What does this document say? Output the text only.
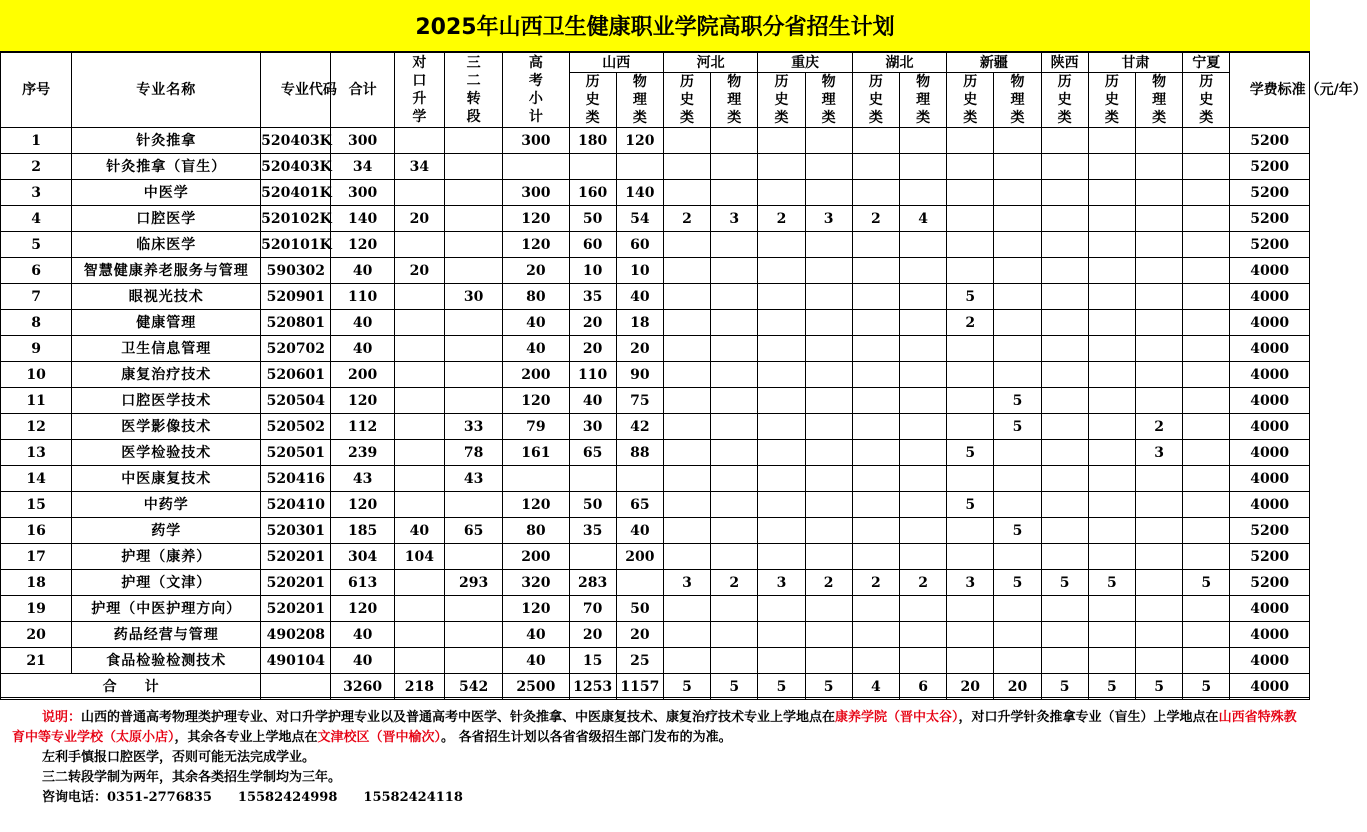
2025年山西卫生健康职业学院高职分省招生计划
序号	专业名称	专业代码	合计	对口升学	三二转段	高考小计	山西		河北		重庆		湖北		新疆		陕西	甘肃		宁夏	学费标准（元/年）
							历史类	物理类	历史类	物理类	历史类	物理类	历史类	物理类	历史类	物理类	历史类	历史类	物理类	历史类	
1	针灸推拿	520403K	300			300	180	120													5200
2	针灸推拿（盲生）	520403K	34	34																	5200
3	中医学	520401K	300			300	160	140													5200
4	口腔医学	520102K	140	20		120	50	54	2	3	2	3	2	4							5200
5	临床医学	520101K	120			120	60	60													5200
6	智慧健康养老服务与管理	590302	40	20		20	10	10													4000
7	眼视光技术	520901	110		30	80	35	40							5						4000
8	健康管理	520801	40			40	20	18							2						4000
9	卫生信息管理	520702	40			40	20	20													4000
10	康复治疗技术	520601	200			200	110	90													4000
11	口腔医学技术	520504	120			120	40	75								5					4000
12	医学影像技术	520502	112		33	79	30	42								5			2		4000
13	医学检验技术	520501	239		78	161	65	88							5				3		4000
14	中医康复技术	520416	43		43																4000
15	中药学	520410	120			120	50	65							5						4000
16	药学	520301	185	40	65	80	35	40								5					5200
17	护理（康养）	520201	304	104		200		200													5200
18	护理（文津）	520201	613		293	320	283		3	2	3	2	2	2	3	5	5	5		5	5200
19	护理（中医护理方向）	520201	120			120	70	50													4000
20	药品经营与管理	490208	40			40	20	20													4000
21	食品检验检测技术	490104	40			40	15	25													4000
合　　计			3260	218	542	2500	1253	1157	5	5	5	5	4	6	20	20	5	5	5	5	4000
说明：山西的普通高考物理类护理专业、对口升学护理专业以及普通高考中医学、针灸推拿、中医康复技术、康复治疗技术专业上学地点在康养学院（晋中太谷），对口升学针灸推拿专业（盲生）上学地点在山西省特殊教育中等专业学校（太原小店），其余各专业上学地点在文津校区（晋中榆次）。 各省招生计划以各省省级招生部门发布的为准。
左利手慎报口腔医学，否则可能无法完成学业。
三二转段学制为两年，其余各类招生学制均为三年。
咨询电话：0351-2776835　　15582424998　　15582424118
